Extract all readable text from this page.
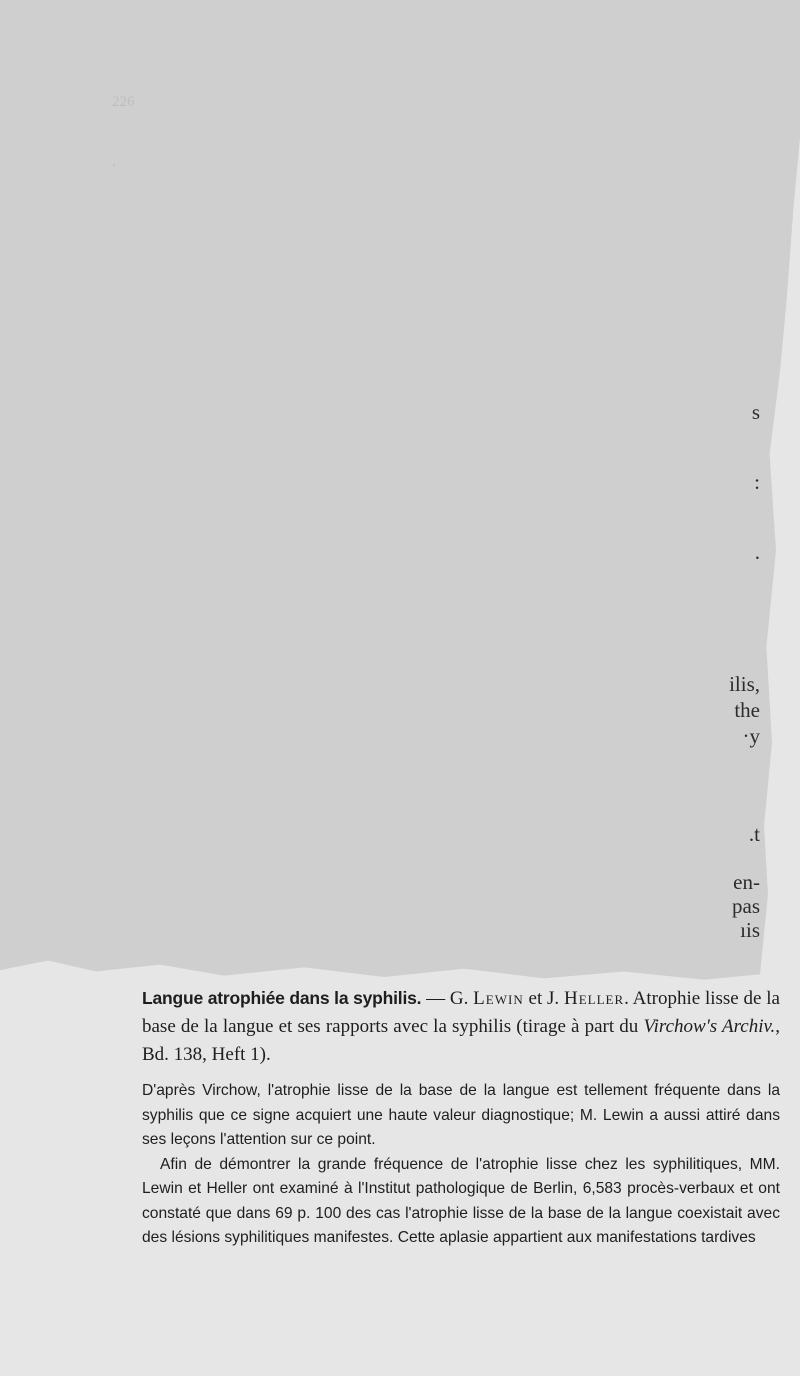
226
.
s
:
.
ilis,
the
·y
.t
en-
pas
ıis

Langue atrophiée dans la syphilis. — G. Lewin et J. Heller. Atrophie lisse de la base de la langue et ses rapports avec la syphilis (tirage à part du Virchow's Archiv., Bd. 138, Heft 1).

D'après Virchow, l'atrophie lisse de la base de la langue est tellement fréquente dans la syphilis que ce signe acquiert une haute valeur diagnostique; M. Lewin a aussi attiré dans ses leçons l'attention sur ce point.

Afin de démontrer la grande fréquence de l'atrophie lisse chez les syphilitiques, MM. Lewin et Heller ont examiné à l'Institut pathologique de Berlin, 6,583 procès-verbaux et ont constaté que dans 69 p. 100 des cas l'atrophie lisse de la base de la langue coexistait avec des lésions syphilitiques manifestes. Cette aplasie appartient aux manifestations tardives
